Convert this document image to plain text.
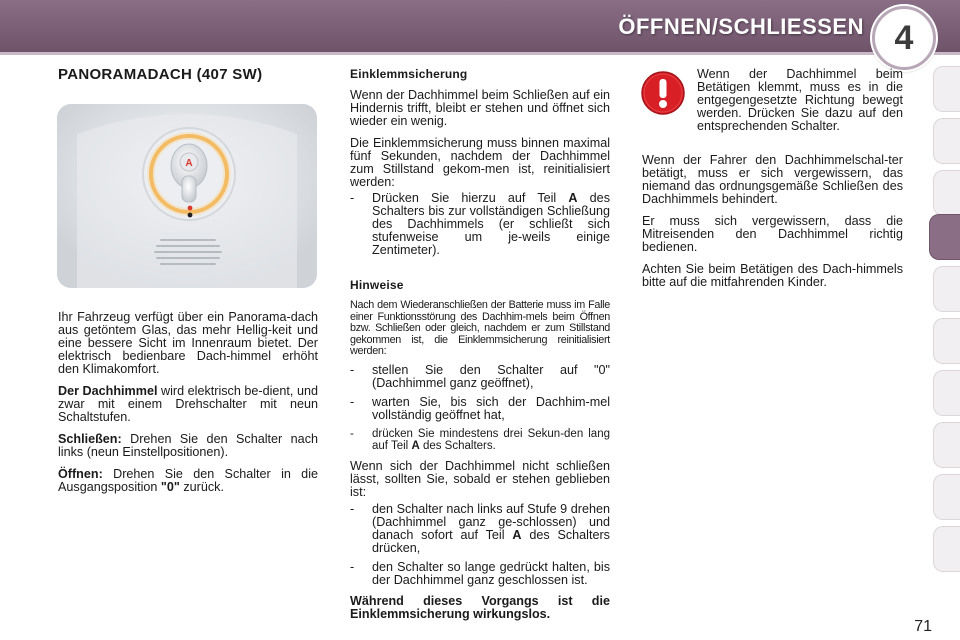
ÖFFNEN/SCHLIESSEN 4
PANORAMADACH (407 SW)
A

Ihr Fahrzeug verfügt über ein Panorama-dach aus getöntem Glas, das mehr Hellig-keit und eine bessere Sicht im Innenraum bietet. Der elektrisch bedienbare Dach-himmel erhöht den Klimakomfort.

Der Dachhimmel wird elektrisch be-dient, und zwar mit einem Drehschalter mit neun Schaltstufen.

Schließen: Drehen Sie den Schalter nach links (neun Einstellpositionen).

Öffnen: Drehen Sie den Schalter in die Ausgangsposition "0" zurück.

Einklemmsicherung

Wenn der Dachhimmel beim Schließen auf ein Hindernis trifft, bleibt er stehen und öffnet sich wieder ein wenig.

Die Einklemmsicherung muss binnen maximal fünf Sekunden, nachdem der Dachhimmel zum Stillstand gekom-men ist, reinitialisiert werden:

- Drücken Sie hierzu auf Teil A des Schalters bis zur vollständigen Schließung des Dachhimmels (er schließt sich stufenweise um je-weils einige Zentimeter).
Hinweise

Nach dem Wiederanschließen der Batterie muss im Falle einer Funktionsstörung des Dachhim-mels beim Öffnen bzw. Schließen oder gleich, nachdem er zum Stillstand gekommen ist, die Einklemmsicherung reinitialisiert werden:

- stellen Sie den Schalter auf "0" (Dachhimmel ganz geöffnet),
- warten Sie, bis sich der Dachhim-mel vollständig geöffnet hat,
- drücken Sie mindestens drei Sekun-den lang auf Teil A des Schalters.

Wenn sich der Dachhimmel nicht schließen lässt, sollten Sie, sobald er stehen geblieben ist:

- den Schalter nach links auf Stufe 9 drehen (Dachhimmel ganz ge-schlossen) und danach sofort auf Teil A des Schalters drücken,
- den Schalter so lange gedrückt halten, bis der Dachhimmel ganz geschlossen ist.

Während dieses Vorgangs ist die Einklemmsicherung wirkungslos.

Wenn der Dachhimmel beim Betätigen klemmt, muss es in die entgegengesetzte Richtung bewegt werden. Drücken Sie dazu auf den entsprechenden Schalter.

Wenn der Fahrer den Dachhimmelschal-ter betätigt, muss er sich vergewissern, das niemand das ordnungsgemäße Schließen des Dachhimmels behindert.

Er muss sich vergewissern, dass die Mitreisenden den Dachhimmel richtig bedienen.

Achten Sie beim Betätigen des Dach-himmels bitte auf die mitfahrenden Kinder.

71
